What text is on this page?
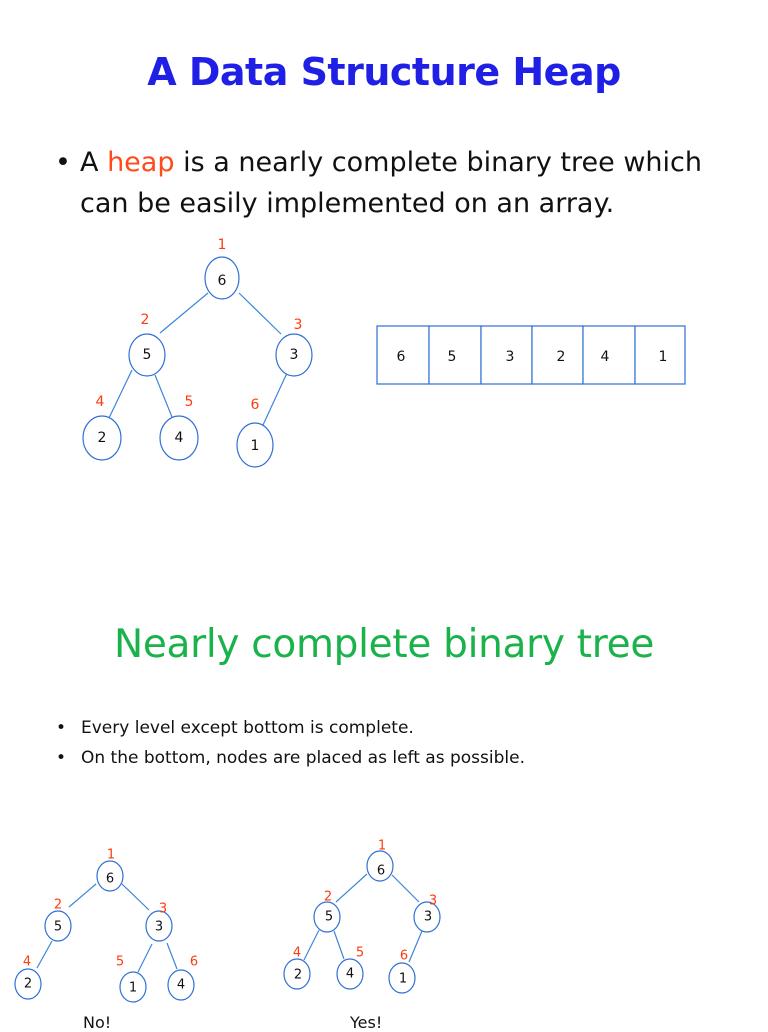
A Data Structure Heap
• A heap is a nearly complete binary tree which can be easily implemented on an array.
6
1
5
2
3
3
2
4
4
5
1
6
6	5	3	2	4	1
6
1
5
2
3
3
2
4
1
5
4
6
6
1
5
2
3
3
2
4
4
5
1
6
Nearly complete binary tree
• Every level except bottom is complete.
• On the bottom, nodes are placed as left as possible.
No!	Yes!
